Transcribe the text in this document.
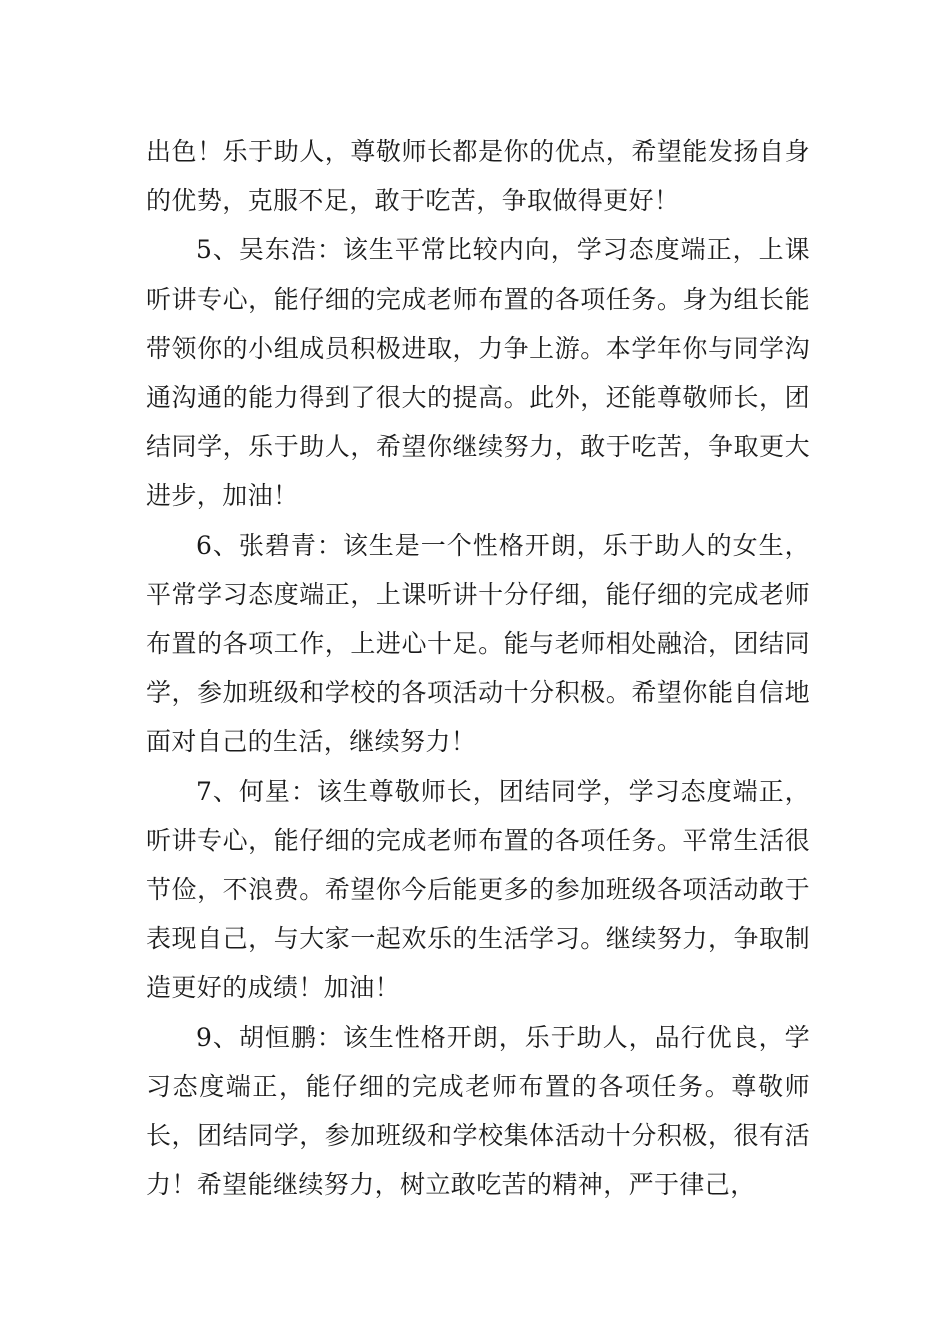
出色！乐于助人，尊敬师长都是你的优点，希望能发扬自身的优势，克服不足，敢于吃苦，争取做得更好！

5、吴东浩：该生平常比较内向，学习态度端正，上课听讲专心，能仔细的完成老师布置的各项任务。身为组长能带领你的小组成员积极进取，力争上游。本学年你与同学沟通沟通的能力得到了很大的提高。此外，还能尊敬师长，团结同学，乐于助人，希望你继续努力，敢于吃苦，争取更大进步，加油！

6、张碧青：该生是一个性格开朗，乐于助人的女生，平常学习态度端正，上课听讲十分仔细，能仔细的完成老师布置的各项工作，上进心十足。能与老师相处融洽，团结同学，参加班级和学校的各项活动十分积极。希望你能自信地面对自己的生活，继续努力！

7、何星：该生尊敬师长，团结同学，学习态度端正，听讲专心，能仔细的完成老师布置的各项任务。平常生活很节俭，不浪费。希望你今后能更多的参加班级各项活动敢于表现自己，与大家一起欢乐的生活学习。继续努力，争取制造更好的成绩！加油！

9、胡恒鹏：该生性格开朗，乐于助人，品行优良，学习态度端正，能仔细的完成老师布置的各项任务。尊敬师长，团结同学，参加班级和学校集体活动十分积极，很有活力！希望能继续努力，树立敢吃苦的精神，严于律己，
